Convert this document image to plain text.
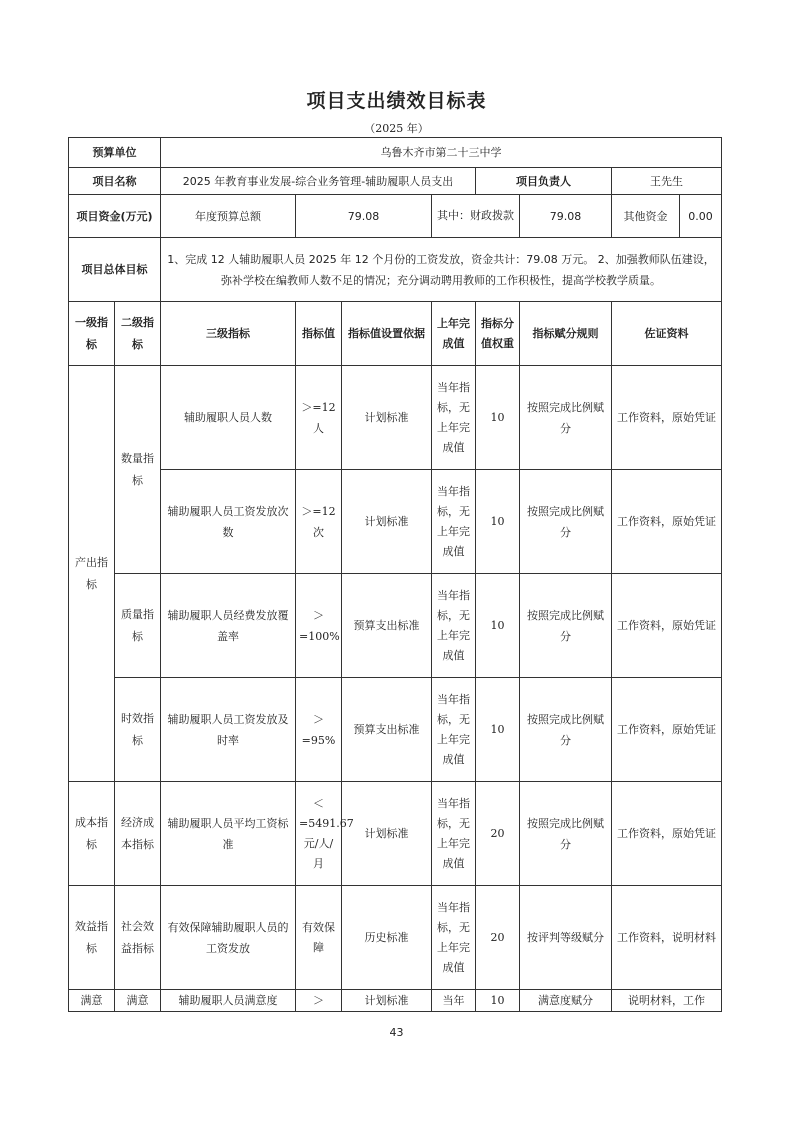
项目支出绩效目标表
（2025 年）
预算单位	乌鲁木齐市第二十三中学
项目名称	2025 年教育事业发展-综合业务管理-辅助履职人员支出	项目负责人	王先生
项目资金(万元)	年度预算总额	79.08	其中：财政拨款	79.08		其他资金	0.00

项目总体目标	1、完成 12 人辅助履职人员 2025 年 12 个月份的工资发放，资金共计：79.08 万元。 2、加强教师队伍建设，弥补学校在编教师人数不足的情况；充分调动聘用教师的工作积极性，提高学校教学质量。
一级指标	二级指标	三级指标	指标值	指标值设置依据	上年完成值	指标分值权重	指标赋分规则	佐证资料
产出指标	数量指标	辅助履职人员人数	＞=12人	计划标准	当年指标，无上年完成值	10	按照完成比例赋分	工作资料，原始凭证
辅助履职人员工资发放次数	＞=12次	计划标准	当年指标，无上年完成值	10	按照完成比例赋分	工作资料，原始凭证
质量指标	辅助履职人员经费发放覆盖率	＞=100%	预算支出标准	当年指标，无上年完成值	10	按照完成比例赋分	工作资料，原始凭证
时效指标	辅助履职人员工资发放及时率	＞=95%	预算支出标准	当年指标，无上年完成值	10	按照完成比例赋分	工作资料，原始凭证
成本指标	经济成本指标	辅助履职人员平均工资标准	＜=5491.67元/人/月	计划标准	当年指标，无上年完成值	20	按照完成比例赋分	工作资料，原始凭证
效益指标	社会效益指标	有效保障辅助履职人员的工资发放	有效保障	历史标准	当年指标，无上年完成值	20	按评判等级赋分	工作资料，说明材料
满意	满意	辅助履职人员满意度	＞	计划标准	当年	10	满意度赋分	说明材料，工作
43
